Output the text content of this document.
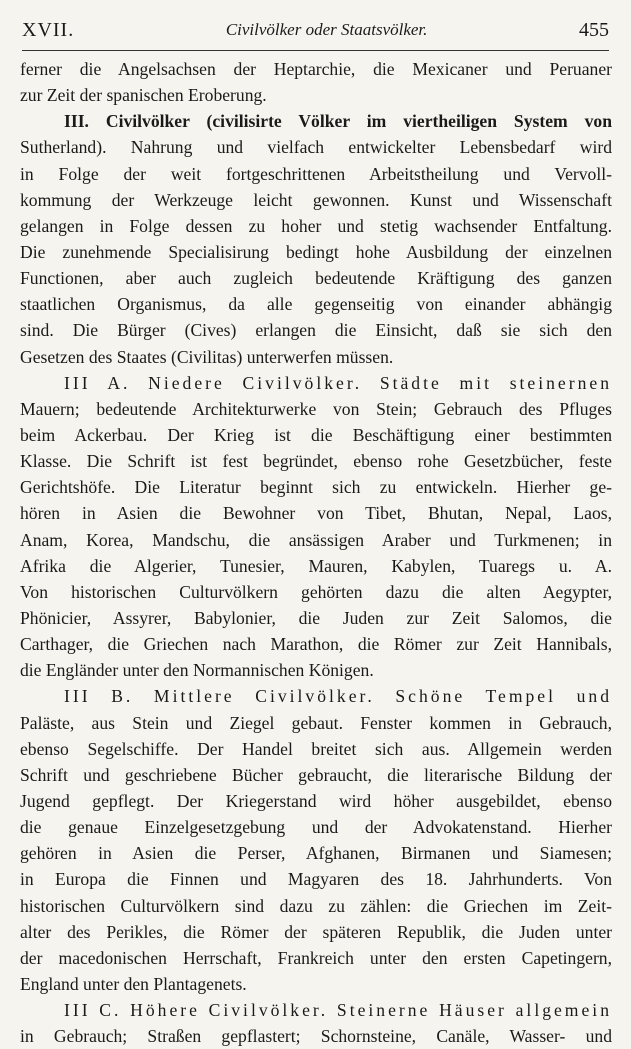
XVII.	Civilvölker oder Staatsvölker.	455
ferner die Angelsachsen der Heptarchie, die Mexicaner und Peruaner
zur Zeit der spanischen Eroberung.
III. Civilvölker (civilisirte Völker im viertheiligen System von
Sutherland). Nahrung und vielfach entwickelter Lebensbedarf wird
in Folge der weit fortgeschrittenen Arbeitstheilung und Vervoll-
kommung der Werkzeuge leicht gewonnen. Kunst und Wissenschaft
gelangen in Folge dessen zu hoher und stetig wachsender Entfaltung.
Die zunehmende Specialisirung bedingt hohe Ausbildung der einzelnen
Functionen, aber auch zugleich bedeutende Kräftigung des ganzen
staatlichen Organismus, da alle gegenseitig von einander abhängig
sind. Die Bürger (Cives) erlangen die Einsicht, daß sie sich den
Gesetzen des Staates (Civilitas) unterwerfen müssen.
III A. Niedere Civilvölker. Städte mit steinernen
Mauern; bedeutende Architekturwerke von Stein; Gebrauch des Pfluges
beim Ackerbau. Der Krieg ist die Beschäftigung einer bestimmten
Klasse. Die Schrift ist fest begründet, ebenso rohe Gesetzbücher, feste
Gerichtshöfe. Die Literatur beginnt sich zu entwickeln. Hierher ge-
hören in Asien die Bewohner von Tibet, Bhutan, Nepal, Laos,
Anam, Korea, Mandschu, die ansässigen Araber und Turkmenen; in
Afrika die Algerier, Tunesier, Mauren, Kabylen, Tuaregs u. A.
Von historischen Culturvölkern gehörten dazu die alten Aegypter,
Phönicier, Assyrer, Babylonier, die Juden zur Zeit Salomos, die
Carthager, die Griechen nach Marathon, die Römer zur Zeit Hannibals,
die Engländer unter den Normannischen Königen.
III B. Mittlere Civilvölker. Schöne Tempel und
Paläste, aus Stein und Ziegel gebaut. Fenster kommen in Gebrauch,
ebenso Segelschiffe. Der Handel breitet sich aus. Allgemein werden
Schrift und geschriebene Bücher gebraucht, die literarische Bildung der
Jugend gepflegt. Der Kriegerstand wird höher ausgebildet, ebenso
die genaue Einzelgesetzgebung und der Advokatenstand. Hierher
gehören in Asien die Perser, Afghanen, Birmanen und Siamesen;
in Europa die Finnen und Magyaren des 18. Jahrhunderts. Von
historischen Culturvölkern sind dazu zu zählen: die Griechen im Zeit-
alter des Perikles, die Römer der späteren Republik, die Juden unter
der macedonischen Herrschaft, Frankreich unter den ersten Capetingern,
England unter den Plantagenets.
III C. Höhere Civilvölker. Steinerne Häuser allgemein
in Gebrauch; Straßen gepflastert; Schornsteine, Canäle, Wasser- und
